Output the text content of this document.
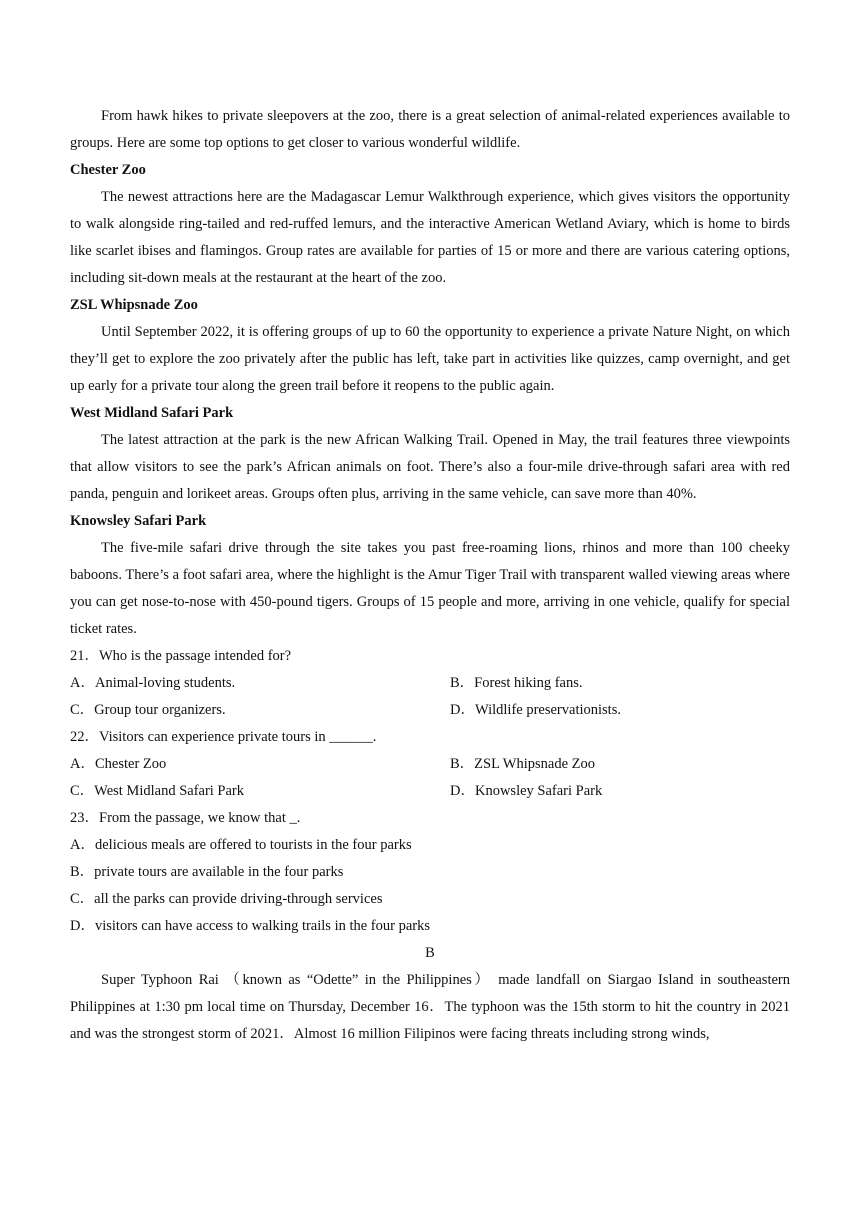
From hawk hikes to private sleepovers at the zoo, there is a great selection of animal-related experiences available to groups. Here are some top options to get closer to various wonderful wildlife.

Chester Zoo

The newest attractions here are the Madagascar Lemur Walkthrough experience, which gives visitors the opportunity to walk alongside ring-tailed and red-ruffed lemurs, and the interactive American Wetland Aviary, which is home to birds like scarlet ibises and flamingos. Group rates are available for parties of 15 or more and there are various catering options, including sit-down meals at the restaurant at the heart of the zoo.

ZSL Whipsnade Zoo

Until September 2022, it is offering groups of up to 60 the opportunity to experience a private Nature Night, on which they’ll get to explore the zoo privately after the public has left, take part in activities like quizzes, camp overnight, and get up early for a private tour along the green trail before it reopens to the public again.

West Midland Safari Park

The latest attraction at the park is the new African Walking Trail. Opened in May, the trail features three viewpoints that allow visitors to see the park’s African animals on foot. There’s also a four-mile drive-through safari area with red panda, penguin and lorikeet areas. Groups often plus, arriving in the same vehicle, can save more than 40%.

Knowsley Safari Park

The five-mile safari drive through the site takes you past free-roaming lions, rhinos and more than 100 cheeky baboons. There’s a foot safari area, where the highlight is the Amur Tiger Trail with transparent walled viewing areas where you can get nose-to-nose with 450-pound tigers. Groups of 15 people and more, arriving in one vehicle, qualify for special ticket rates.

21．Who is the passage intended for?

A．Animal-loving students.	B．Forest hiking fans.

C．Group tour organizers.	D．Wildlife preservationists.

22．Visitors can experience private tours in ______.

A．Chester Zoo	B．ZSL Whipsnade Zoo

C．West Midland Safari Park	D．Knowsley Safari Park

23．From the passage, we know that _.

A．delicious meals are offered to tourists in the four parks

B．private tours are available in the four parks

C．all the parks can provide driving-through services

D．visitors can have access to walking trails in the four parks

B

Super Typhoon Rai （known as “Odette” in the Philippines） made landfall on Siargao Island in southeastern Philippines at 1:30 pm local time on Thursday, December 16．The typhoon was the 15th storm to hit the country in 2021 and was the strongest storm of 2021．Almost 16 million Filipinos were facing threats including strong winds,
